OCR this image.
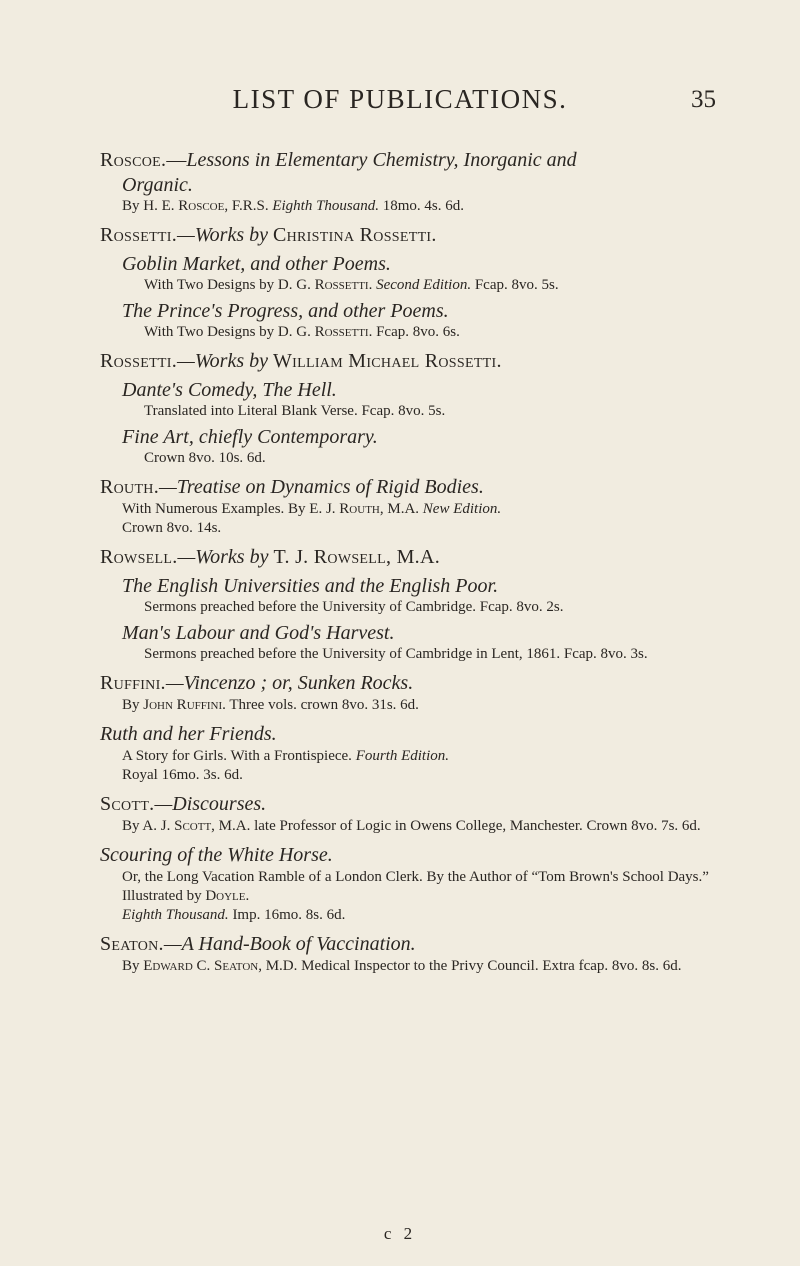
LIST OF PUBLICATIONS.	35
Roscoe.—Lessons in Elementary Chemistry, Inorganic and
Organic.
By H. E. Roscoe, F.R.S. Eighth Thousand. 18mo. 4s. 6d.
Rossetti.—Works by Christina Rossetti.
Goblin Market, and other Poems.
With Two Designs by D. G. Rossetti. Second Edition. Fcap. 8vo. 5s.
The Prince's Progress, and other Poems.
With Two Designs by D. G. Rossetti. Fcap. 8vo. 6s.
Rossetti.—Works by William Michael Rossetti.
Dante's Comedy, The Hell.
Translated into Literal Blank Verse. Fcap. 8vo. 5s.
Fine Art, chiefly Contemporary.
Crown 8vo. 10s. 6d.
Routh.—Treatise on Dynamics of Rigid Bodies.
With Numerous Examples. By E. J. Routh, M.A. New Edition.
Crown 8vo. 14s.
Rowsell.—Works by T. J. Rowsell, M.A.
The English Universities and the English Poor.
Sermons preached before the University of Cambridge. Fcap. 8vo. 2s.
Man's Labour and God's Harvest.
Sermons preached before the University of Cambridge in Lent, 1861. Fcap. 8vo. 3s.
Ruffini.—Vincenzo ; or, Sunken Rocks.
By John Ruffini. Three vols. crown 8vo. 31s. 6d.
Ruth and her Friends.
A Story for Girls. With a Frontispiece. Fourth Edition.
Royal 16mo. 3s. 6d.
Scott.—Discourses.
By A. J. Scott, M.A. late Professor of Logic in Owens College, Manchester. Crown 8vo. 7s. 6d.
Scouring of the White Horse.
Or, the Long Vacation Ramble of a London Clerk. By the Author of “Tom Brown's School Days.” Illustrated by Doyle.
Eighth Thousand. Imp. 16mo. 8s. 6d.
Seaton.—A Hand-Book of Vaccination.
By Edward C. Seaton, M.D. Medical Inspector to the Privy Council. Extra fcap. 8vo. 8s. 6d.
c 2
